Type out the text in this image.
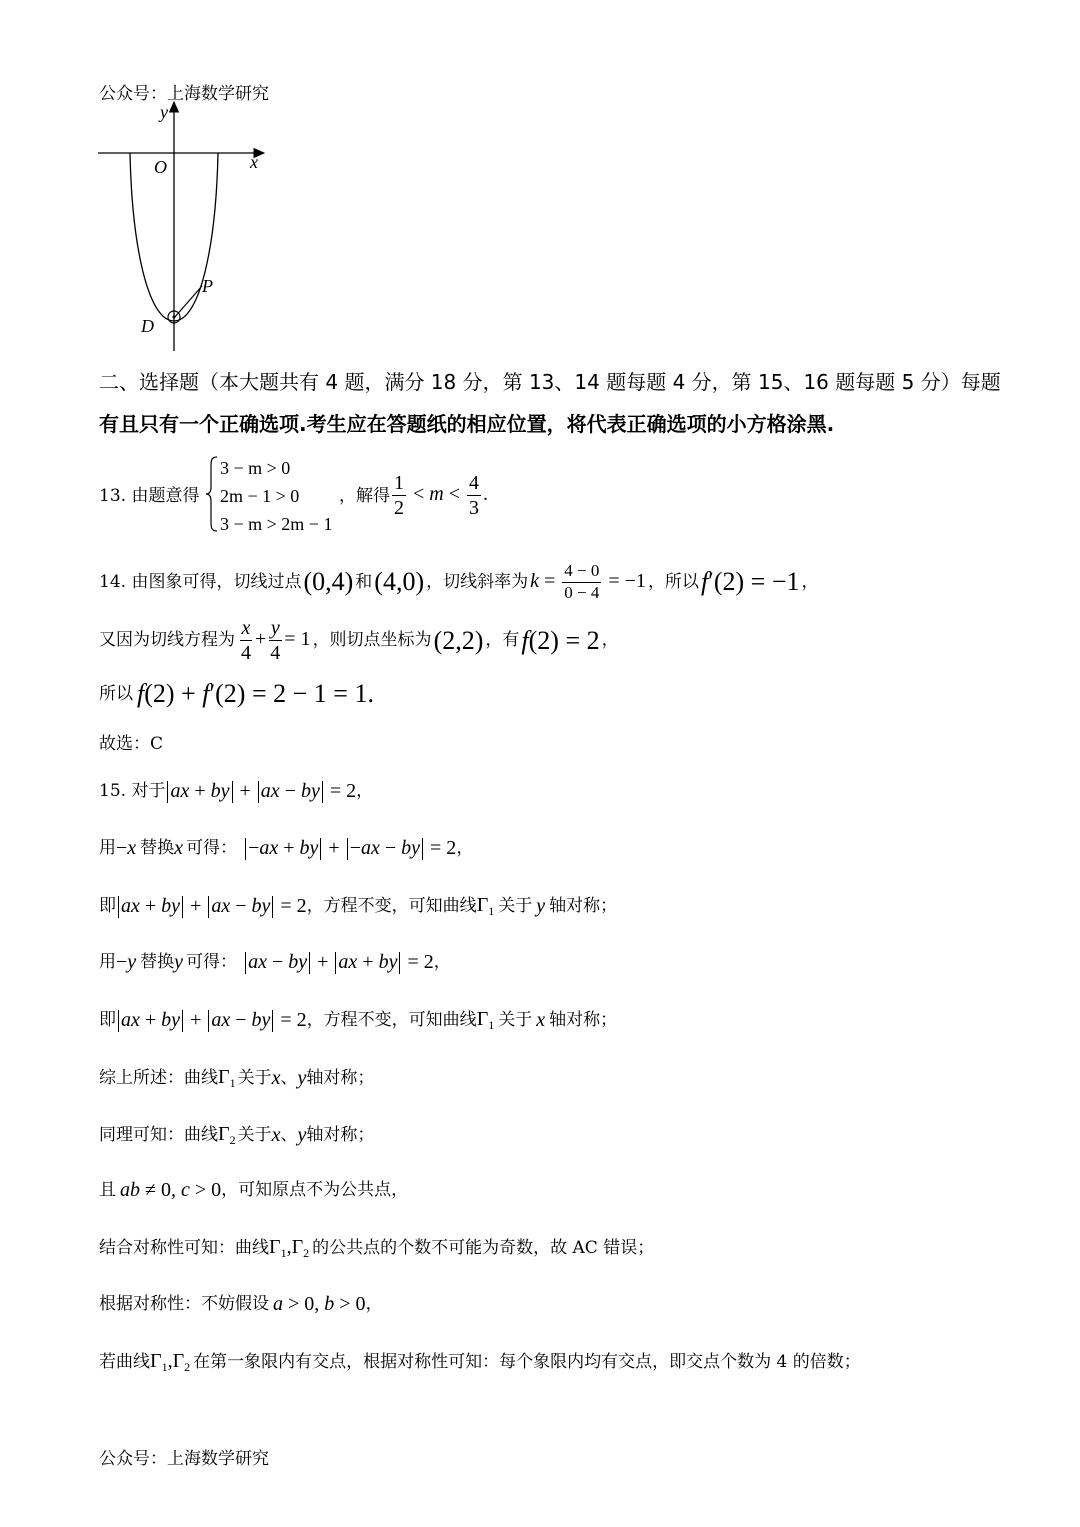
公众号：上海数学研究
y
x
O
P
D
二、选择题（本大题共有 4 题，满分 18 分，第 13、14 题每题 4 分，第 15、16 题每题 5 分）每题
有且只有一个正确选项.考生应在答题纸的相应位置，将代表正确选项的小方格涂黑.
13. 由题意得
3 − m > 0
2m − 1 > 0
3 − m > 2m − 1
，解得 $\frac{1}{2} < m < \frac{4}{3}$ .
14. 由图象可得，切线过点 (0,4) 和 (4,0) ，切线斜率为 $k = \frac{4 - 0}{0 - 4} = -1$ ，所以 f′(2) = −1 ，
又因为切线方程为 $\frac{x}{4} + \frac{y}{4} = 1$ ，则切点坐标为 (2,2) ，有 f(2) = 2 ，
所以 f(2) + f′(2) = 2 − 1 = 1.
故选：C
15. 对于 ax + by + ax − by = 2 ，
用 −x 替换 x 可得： −ax + by + −ax − by = 2 ，
即 ax + by + ax − by = 2 ，方程不变，可知曲线 $\Gamma_1$ 关于 y 轴对称；
用 −y 替换 y 可得： ax − by + ax + by = 2 ，
即 ax + by + ax − by = 2 ，方程不变，可知曲线 $\Gamma_1$ 关于 x 轴对称；
综上所述：曲线 $\Gamma_1$ 关于 x 、 y 轴对称；
同理可知：曲线 $\Gamma_2$ 关于 x 、 y 轴对称；
且 ab ≠ 0, c > 0 ，可知原点不为公共点，
结合对称性可知：曲线 $\Gamma_1,\Gamma_2$ 的公共点的个数不可能为奇数，故 AC 错误；
根据对称性：不妨假设 a > 0, b > 0 ，
若曲线 $\Gamma_1,\Gamma_2$ 在第一象限内有交点，根据对称性可知：每个象限内均有交点，即交点个数为 4 的倍数；
公众号：上海数学研究
